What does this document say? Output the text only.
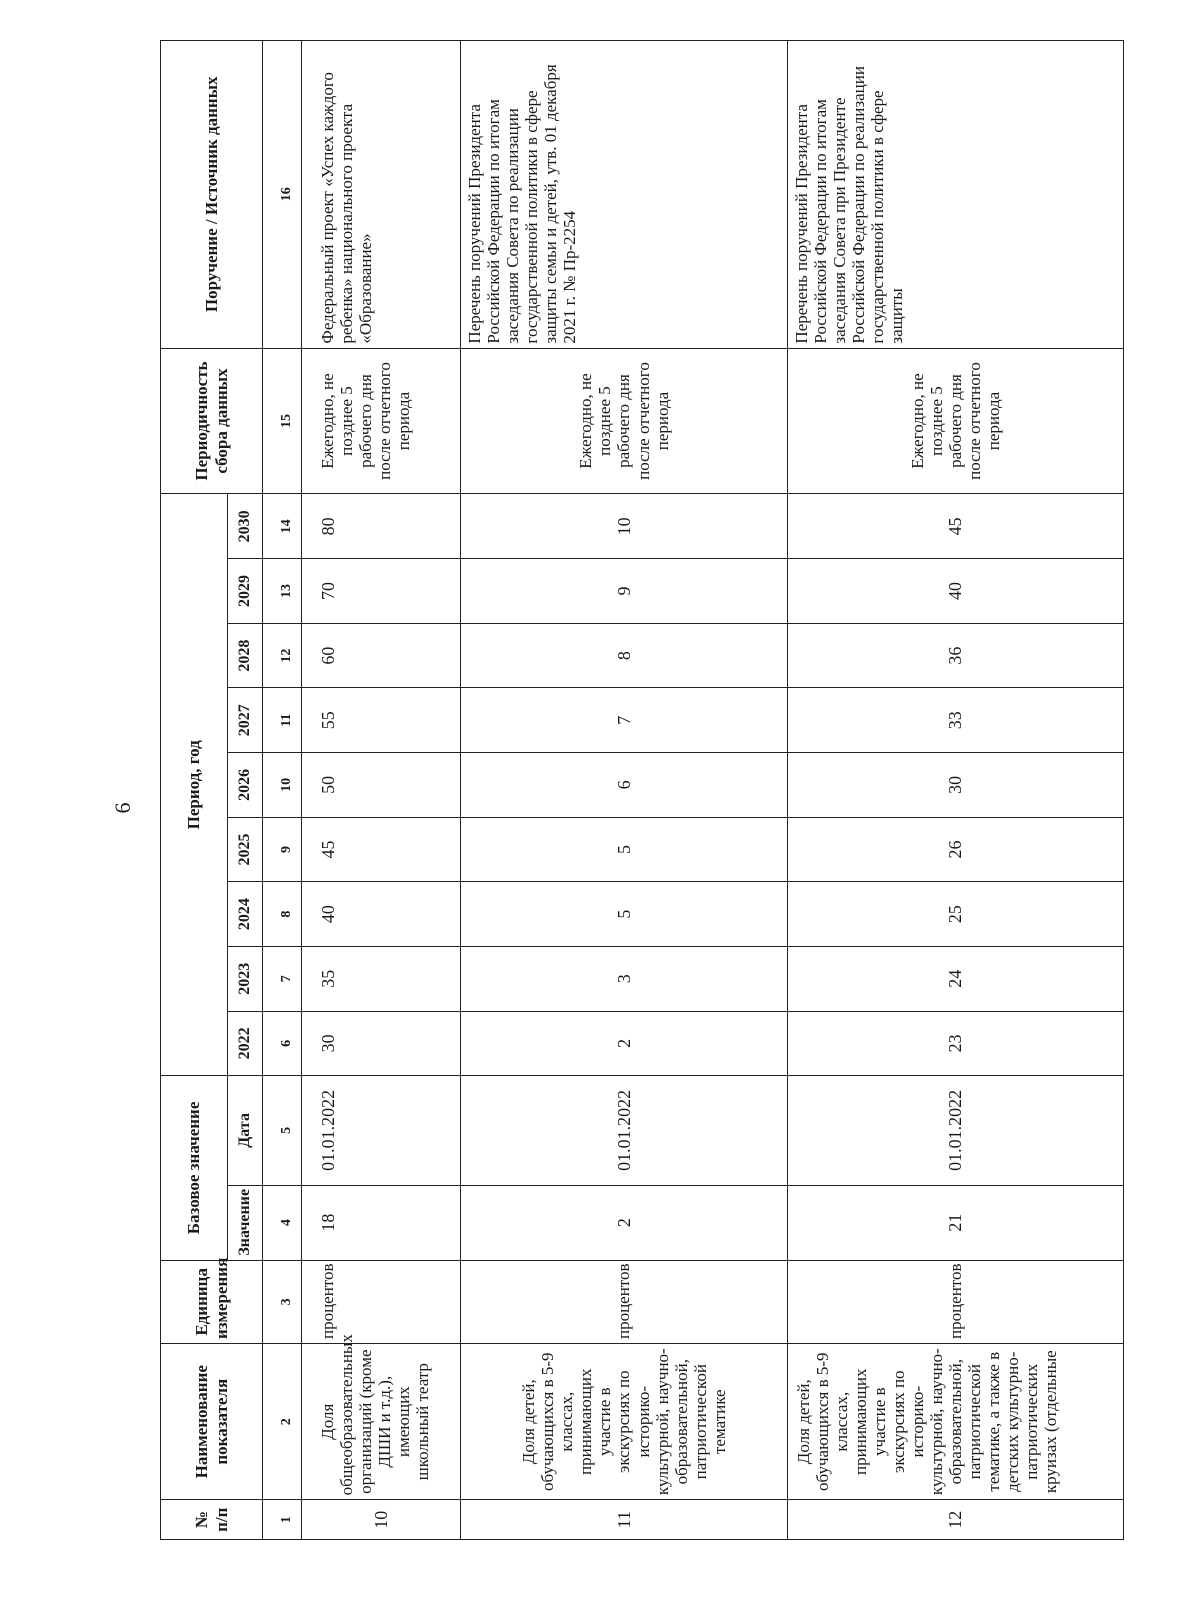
6
№ п/п	Наименование показателя	Единица измерения	Базовое значение		Период, год									Периодичность сбора данных	Поручение / Источник данных
			Значение	Дата	2022	2023	2024	2025	2026	2027	2028	2029	2030		
1	2	3	4	5	6	7	8	9	10	11	12	13	14	15	16
10	Доля общеобразовательных организаций (кроме ДШИ и т.д.), имеющих школьный театр	процентов	18	01.01.2022	30	35	40	45	50	55	60	70	80	Ежегодно, не позднее 5 рабочего дня после отчетного периода	Федеральный проект «Успех каждого ребенка» национального проекта «Образование»
11	Доля детей, обучающихся в 5-9 классах, принимающих участие в экскурсиях по историко-культурной, научно-образовательной, патриотической тематике	процентов	2	01.01.2022	2	3	5	5	6	7	8	9	10	Ежегодно, не позднее 5 рабочего дня после отчетного периода	Перечень поручений Президента Российской Федерации по итогам заседания Совета по реализации государственной политики в сфере защиты семьи и детей, утв. 01 декабря 2021 г. № Пр-2254
12	Доля детей, обучающихся в 5-9 классах, принимающих участие в экскурсиях по историко-культурной, научно-образовательной, патриотической тематике, а также в детских культурно-патриотических круизах (отдельные	процентов	21	01.01.2022	23	24	25	26	30	33	36	40	45	Ежегодно, не позднее 5 рабочего дня после отчетного периода	Перечень поручений Президента Российской Федерации по итогам заседания Совета при Президенте Российской Федерации по реализации государственной политики в сфере защиты
